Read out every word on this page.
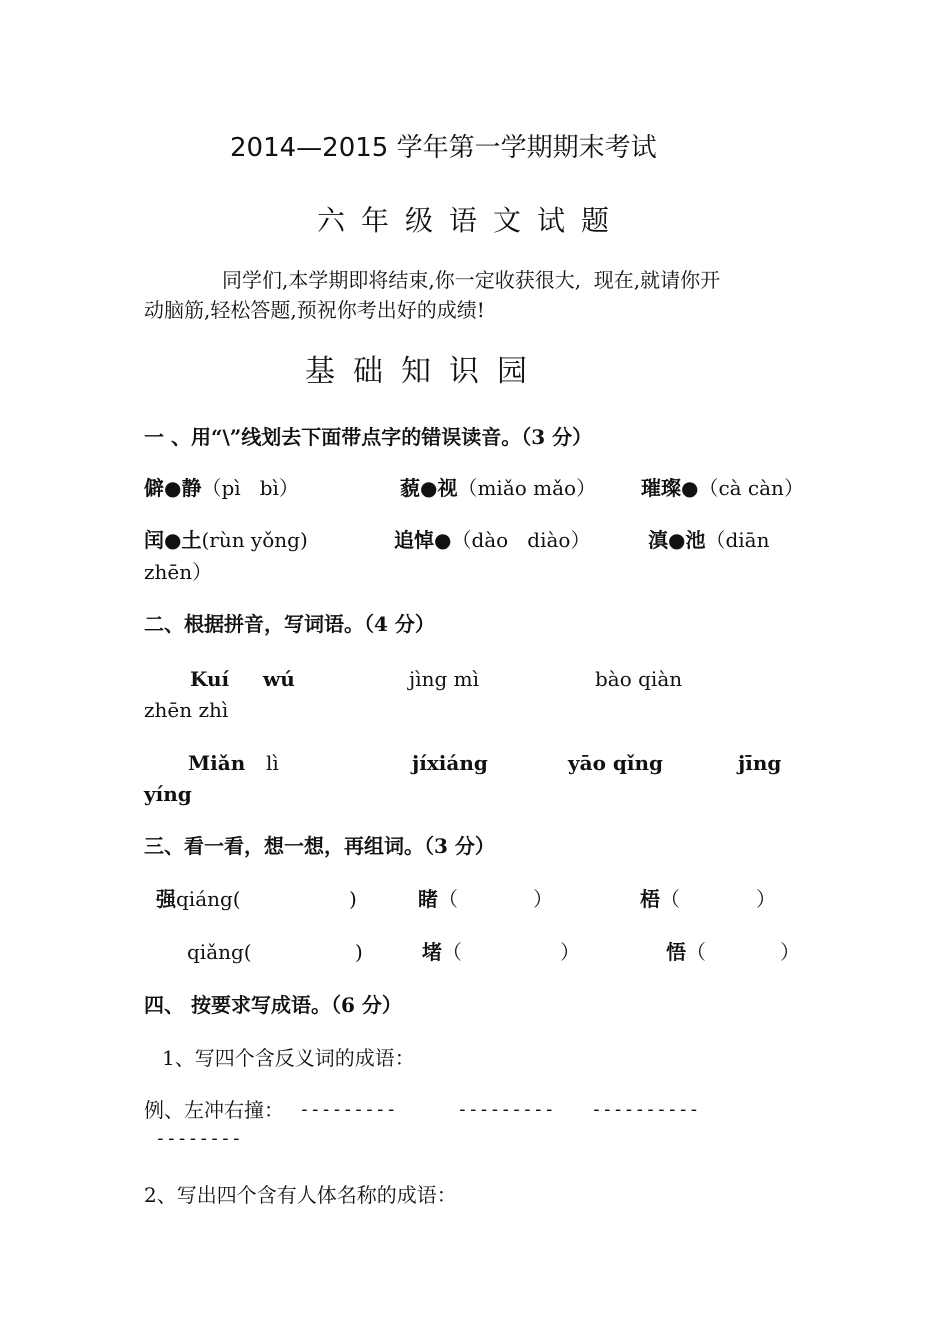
2014—2015 学年第一学期期末考试
六年级语文试题
同学们,本学期即将结束,你一定收获很大,  现在,就请你开
动脑筋,轻松答题,预祝你考出好的成绩!
基础知识园
一 、用“\”线划去下面带点字的错误读音。（3 分）
僻●静（pì   bì）	藐●视（miǎo mǎo） 璀璨●（cà càn）
闰●土(rùn yǒng)	追悼●（dào   diào）	滇●池（diān
zhēn）
二、根据拼音，写词语。（4 分）
Kuí wú	jìng mì	bào qiàn
zhēn zhì
Miǎn lì	jíxiáng	yāo qǐng	jīng
yíng
三、看一看，想一想，再组词。（3 分）
强qiáng(	)	睹（	）	梧（	）
qiǎng(	)	堵（	）	悟（	）
四、 按要求写成语。（6 分）
1、写四个含反义词的成语：
例、左冲右撞： ---------	--------- ----------
--------
2、写出四个含有人体名称的成语：
